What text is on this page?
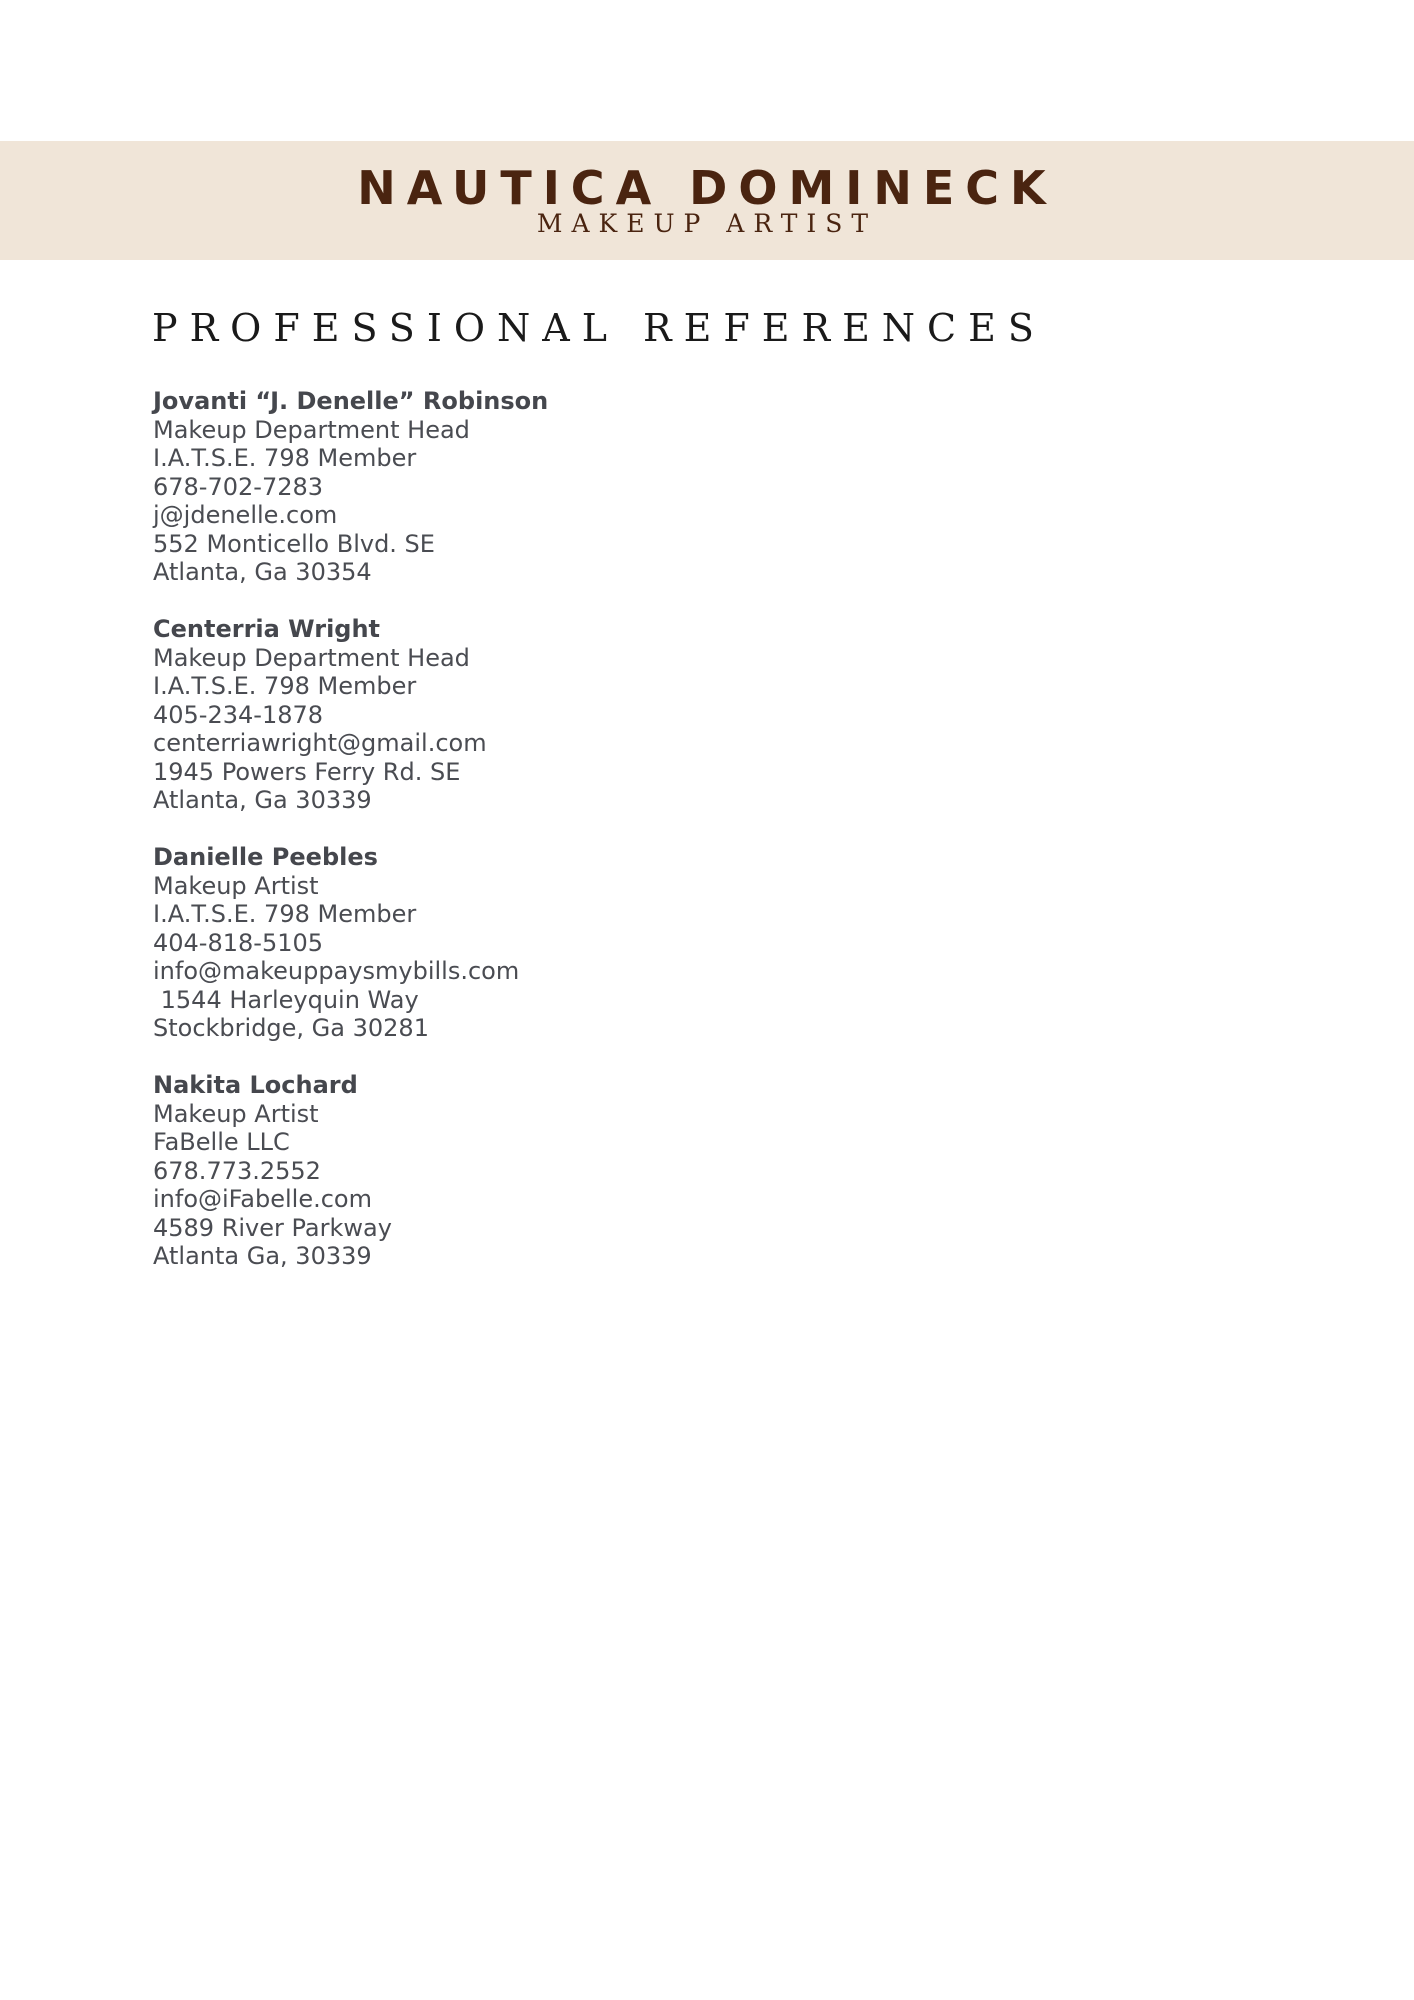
NAUTICA DOMINECK
MAKEUP ARTIST
PROFESSIONAL REFERENCES
Jovanti “J. Denelle” Robinson
Makeup Department Head
I.A.T.S.E. 798 Member
678-702-7283
j@jdenelle.com
552 Monticello Blvd. SE
Atlanta, Ga 30354
Centerria Wright
Makeup Department Head
I.A.T.S.E. 798 Member
405-234-1878
centerriawright@gmail.com
1945 Powers Ferry Rd. SE
Atlanta, Ga 30339
Danielle Peebles
Makeup Artist
I.A.T.S.E. 798 Member
404-818-5105
info@makeuppaysmybills.com
1544 Harleyquin Way
Stockbridge, Ga 30281
Nakita Lochard
Makeup Artist
FaBelle LLC
678.773.2552
info@iFabelle.com
4589 River Parkway
Atlanta Ga, 30339
